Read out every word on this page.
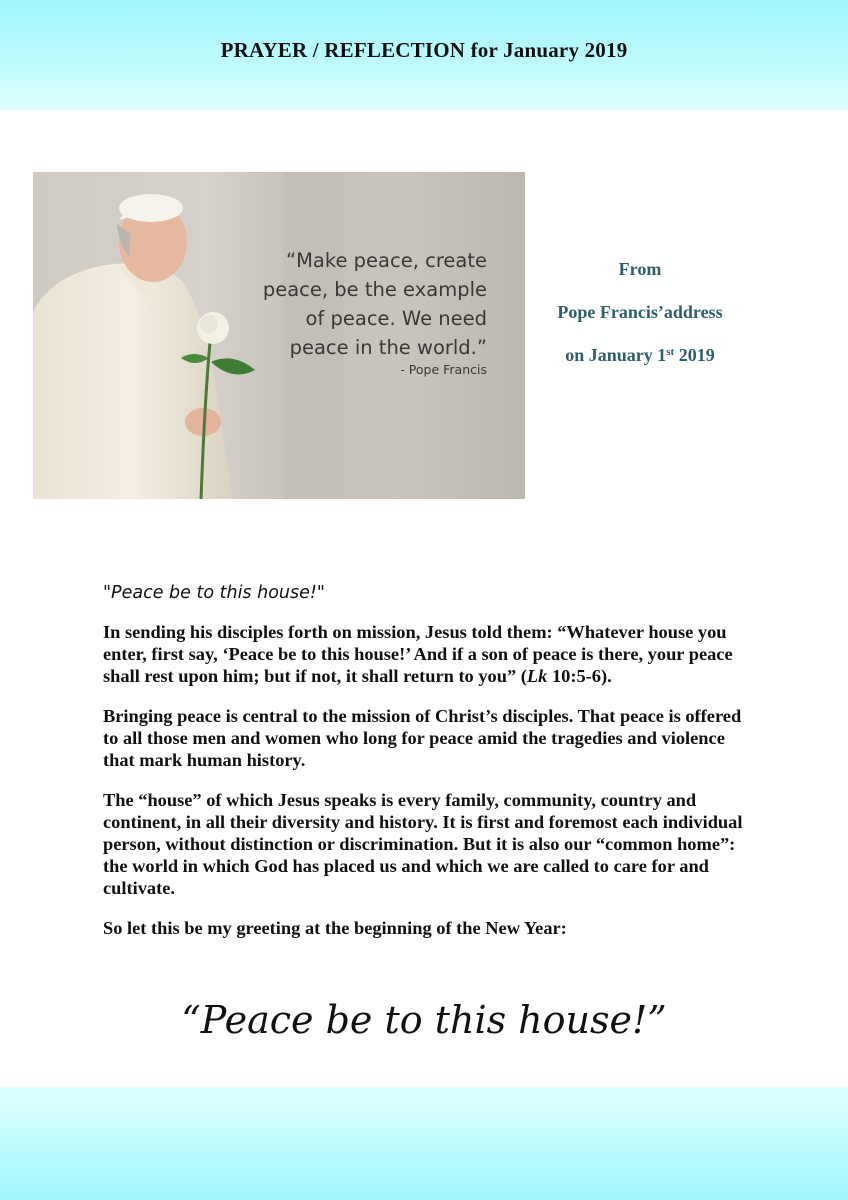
PRAYER / REFLECTION for January 2019
“Make peace, create
peace, be the example
of peace. We need
peace in the world.”
- Pope Francis
From
Pope Francis’address
on January 1st 2019

"Peace be to this house!"

In sending his disciples forth on mission, Jesus told them: “Whatever house you enter, first say, ‘Peace be to this house!’ And if a son of peace is there, your peace shall rest upon him; but if not, it shall return to you” (Lk 10:5-6).

Bringing peace is central to the mission of Christ’s disciples. That peace is offered to all those men and women who long for peace amid the tragedies and violence that mark human history.

The “house” of which Jesus speaks is every family, community, country and continent, in all their diversity and history. It is first and foremost each individual person, without distinction or discrimination. But it is also our “common home”: the world in which God has placed us and which we are called to care for and cultivate.

So let this be my greeting at the beginning of the New Year:

“Peace be to this house!”
